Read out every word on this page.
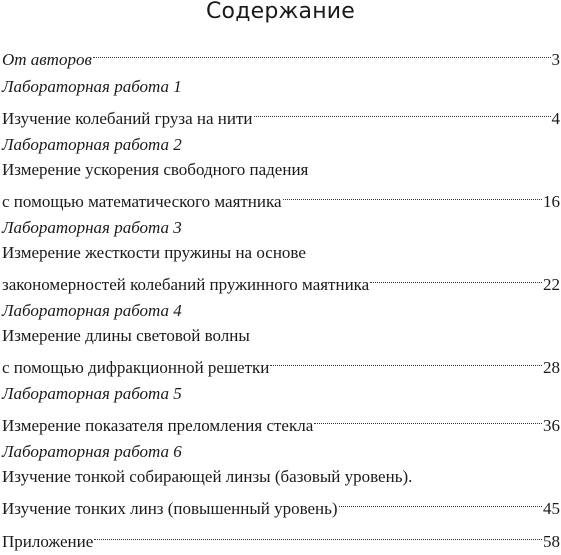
Содержание
От авторов	3
Лабораторная работа 1
Изучение колебаний груза на нити	4
Лабораторная работа 2
Измерение ускорения свободного падения
с помощью математического маятника	16
Лабораторная работа 3
Измерение жесткости пружины на основе
закономерностей колебаний пружинного маятника	22
Лабораторная работа 4
Измерение длины световой волны
с помощью дифракционной решетки	28
Лабораторная работа 5
Измерение показателя преломления стекла	36
Лабораторная работа 6
Изучение тонкой собирающей линзы (базовый уровень).
Изучение тонких линз (повышенный уровень)	45
Приложение	58
